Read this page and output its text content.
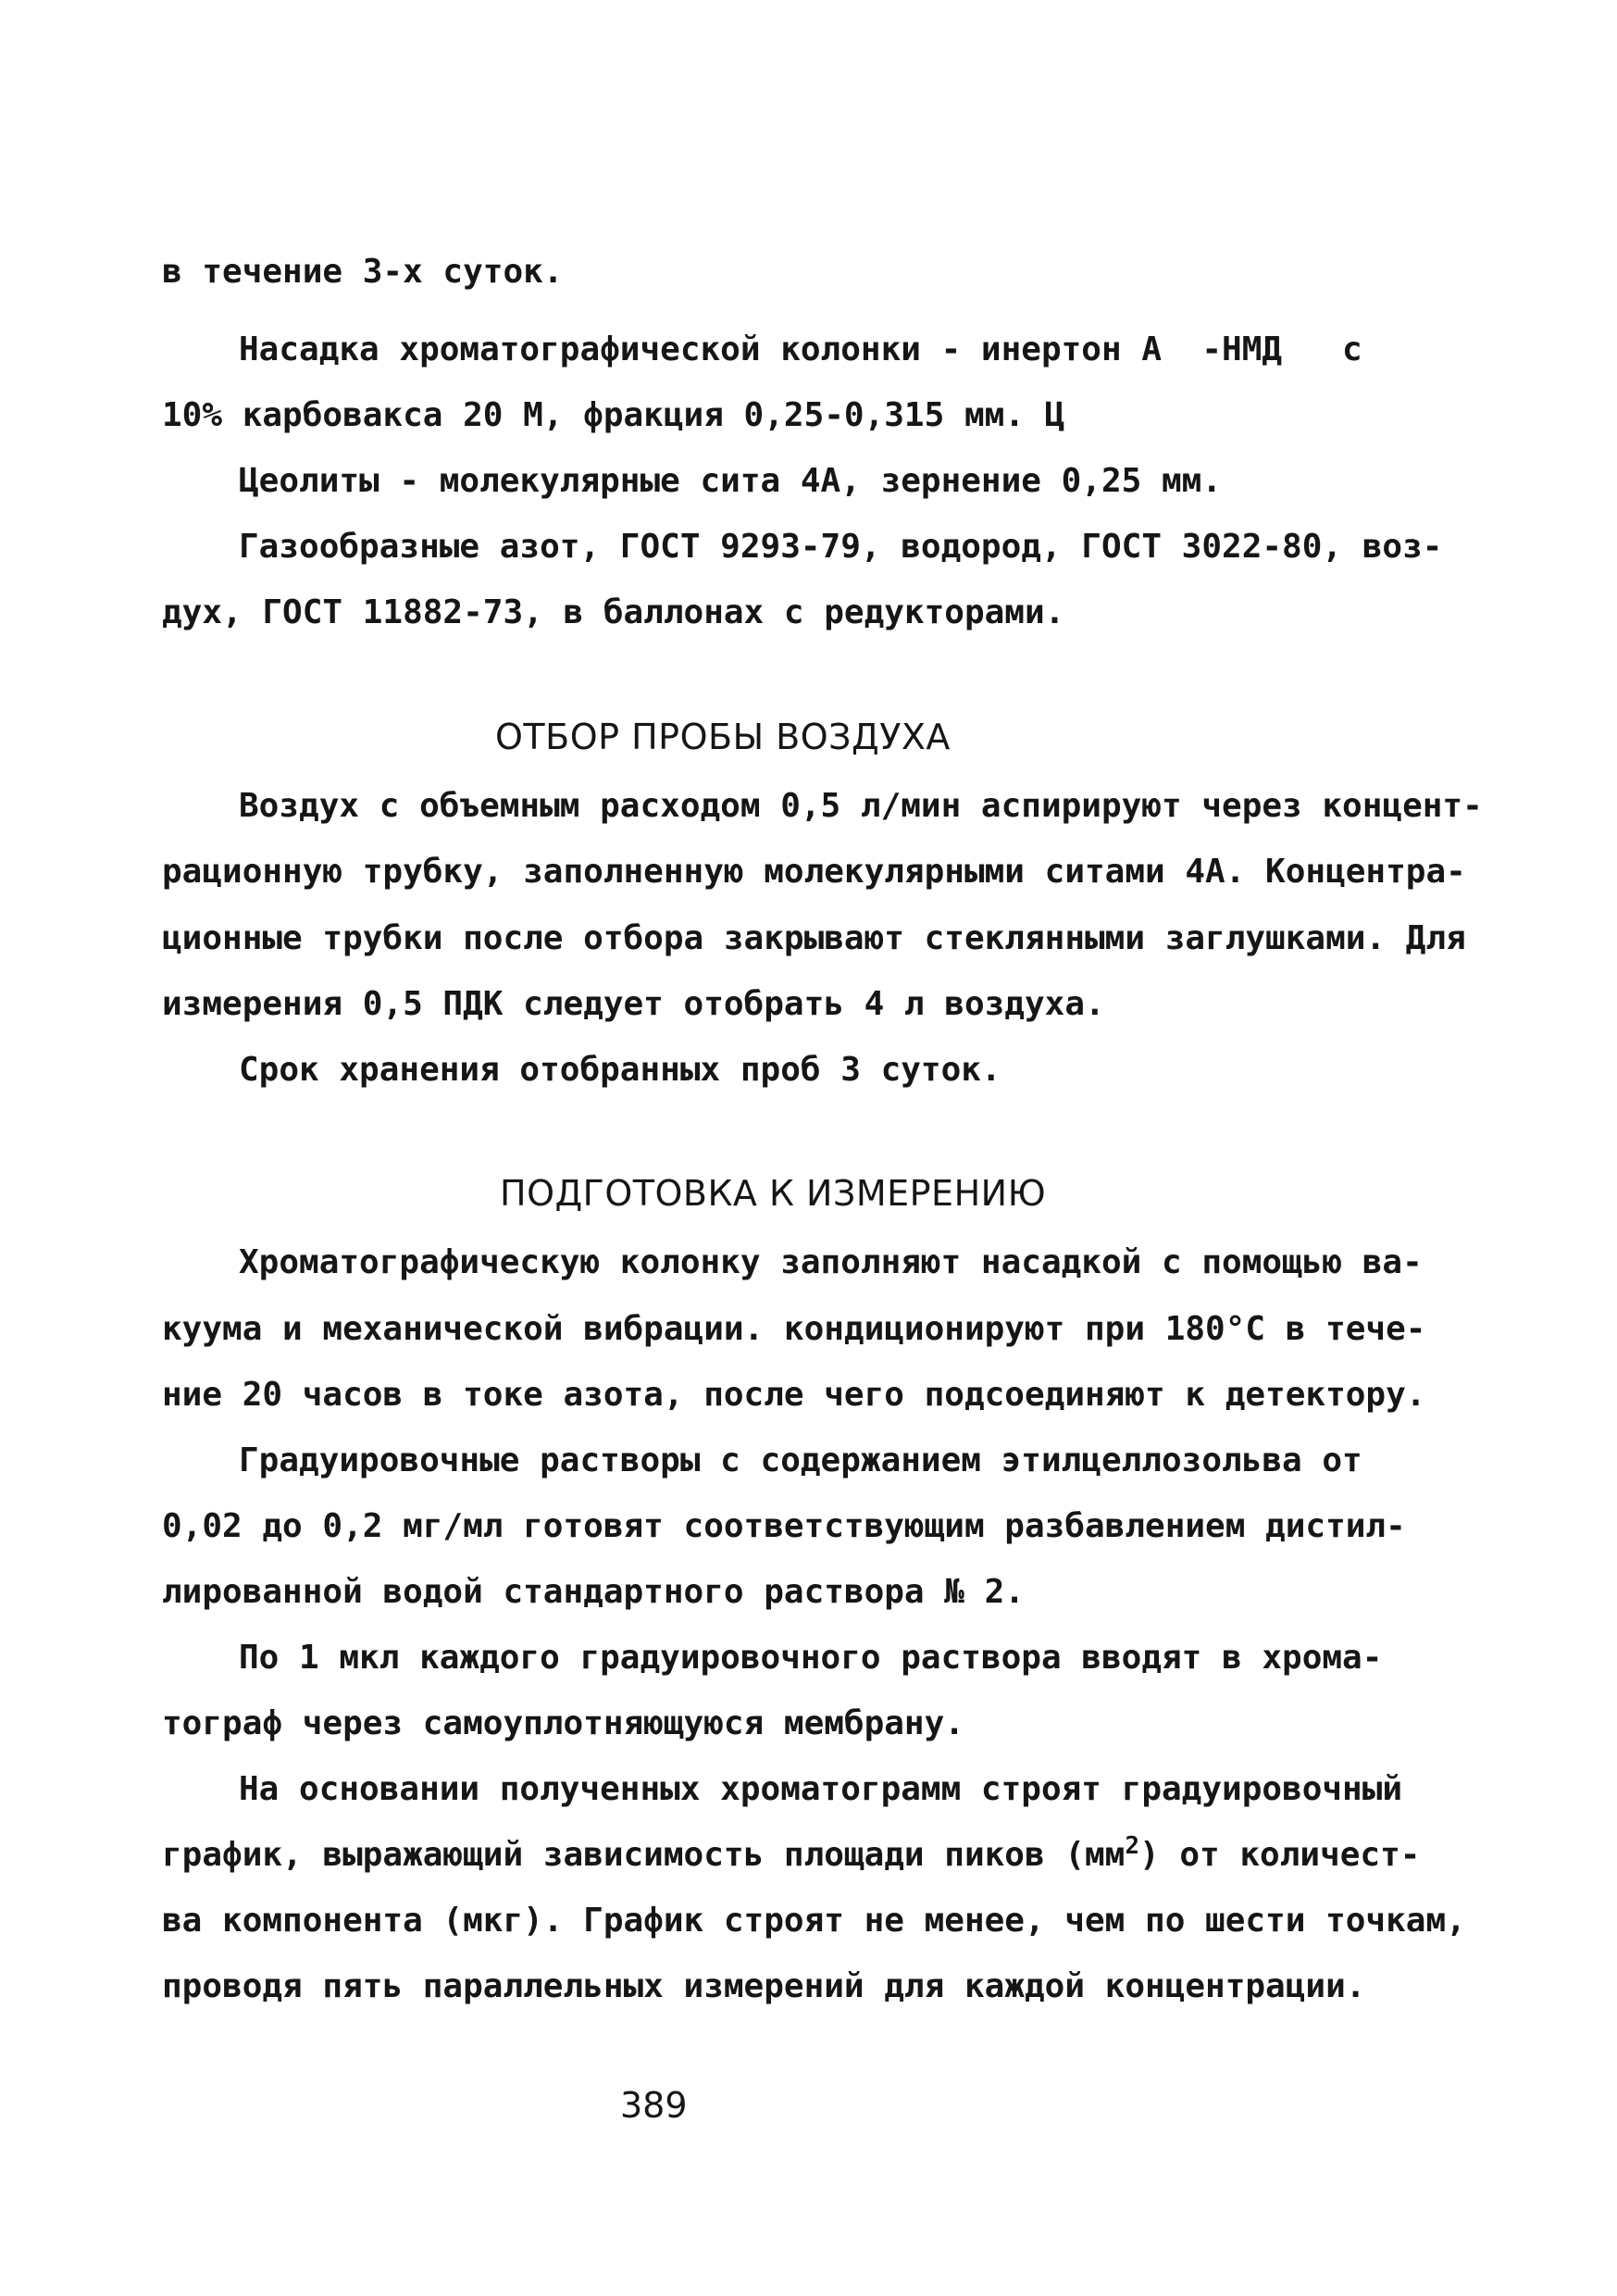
в течение 3-х суток.
Насадка хроматографической колонки - инертон А  -НМД   с
10% карбовакса 20 М, фракция 0,25-0,315 мм. Ц
Цеолиты - молекулярные сита 4А, зернение 0,25 мм.
Газообразные азот, ГОСТ 9293-79, водород, ГОСТ 3022-80, воз-
дух, ГОСТ 11882-73, в баллонах с редукторами.
ОТБОР ПРОБЫ ВОЗДУХА
Воздух с объемным расходом 0,5 л/мин аспирируют через концент-
рационную трубку, заполненную молекулярными ситами 4А. Концентра-
ционные трубки после отбора закрывают стеклянными заглушками. Для
измерения 0,5 ПДК следует отобрать 4 л воздуха.
Срок хранения отобранных проб 3 суток.
ПОДГОТОВКА К ИЗМЕРЕНИЮ
Хроматографическую колонку заполняют насадкой с помощью ва-
куума и механической вибрации. кондиционируют при 180°С в тече-
ние 20 часов в токе азота, после чего подсоединяют к детектору.
Градуировочные растворы с содержанием этилцеллозольва от
0,02 до 0,2 мг/мл готовят соответствующим разбавлением дистил-
лированной водой стандартного раствора № 2.
По 1 мкл каждого градуировочного раствора вводят в хрома-
тограф через самоуплотняющуюся мембрану.
На основании полученных хроматограмм строят градуировочный
график, выражающий зависимость площади пиков $(мм^2)$ от количест-
ва компонента (мкг). График строят не менее, чем по шести точкам,
проводя пять параллельных измерений для каждой концентрации.
389
